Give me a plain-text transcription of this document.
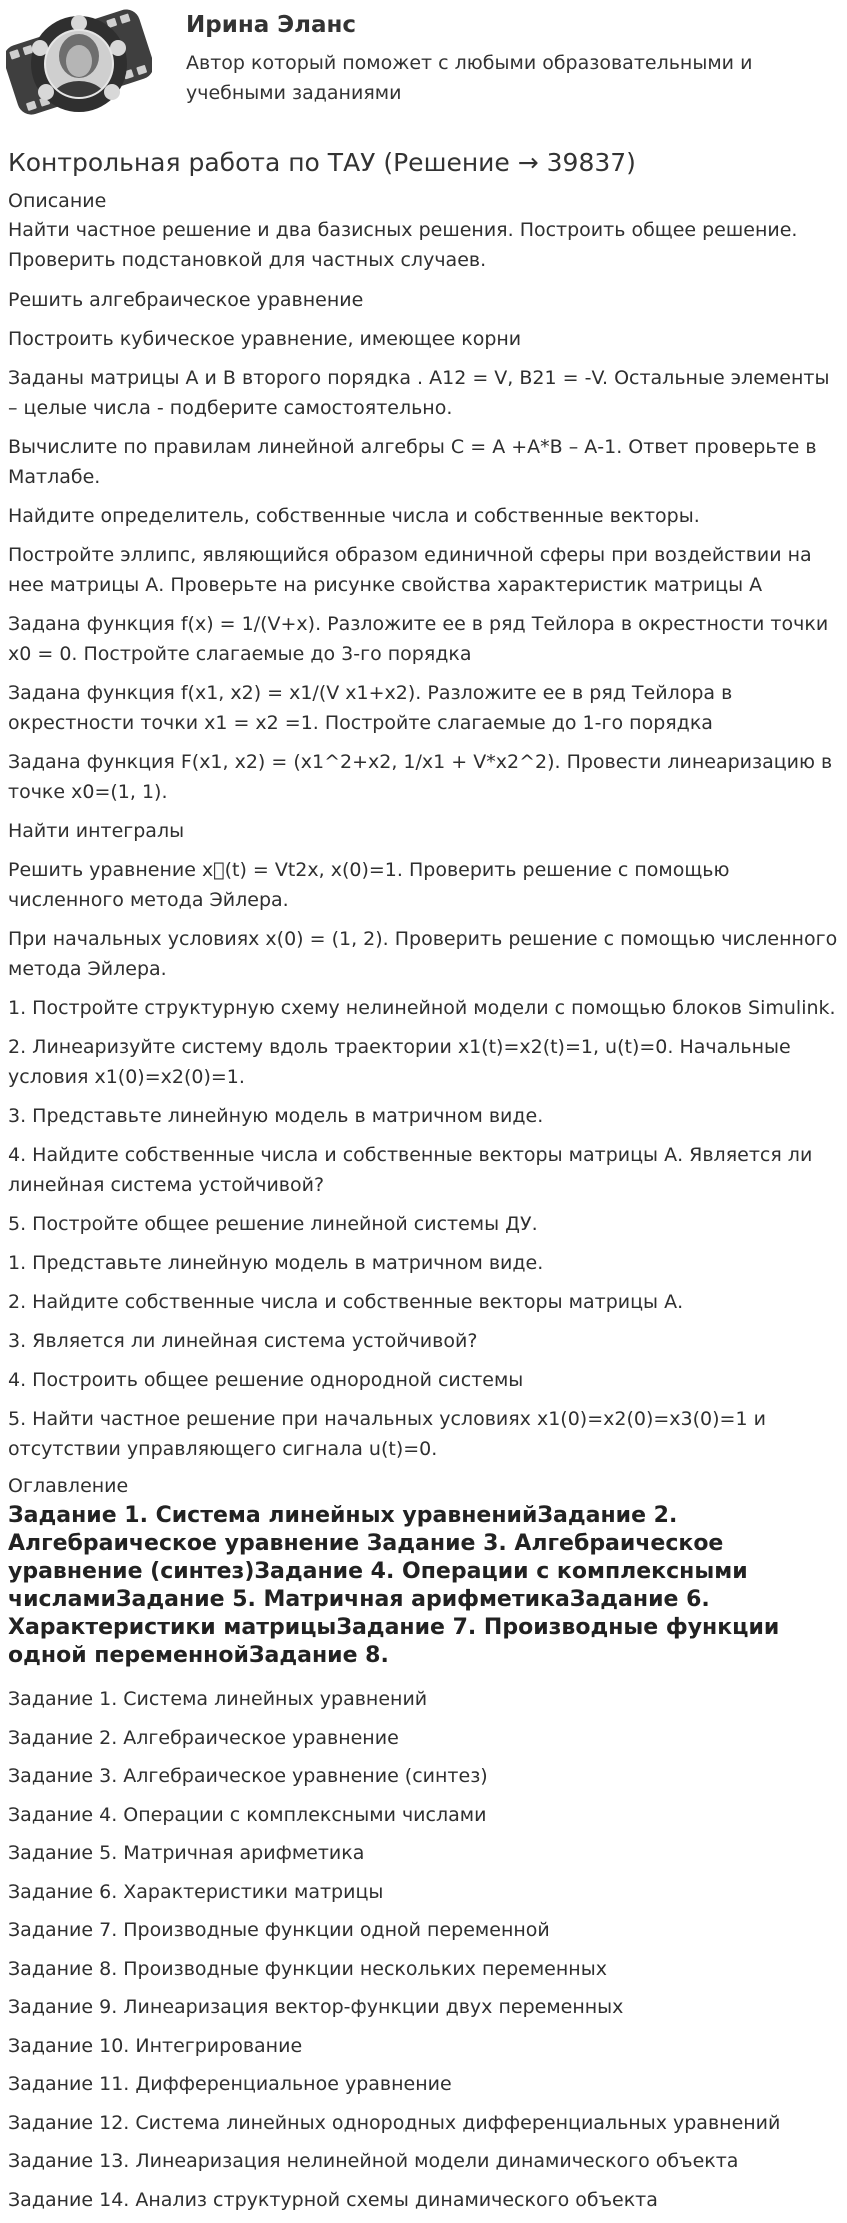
Ирина Эланс
Автор который поможет с любыми образовательными и учебными заданиями
Контрольная работа по ТАУ (Решение → 39837)
Описание
Найти частное решение и два базисных решения. Построить общее решение. Проверить подстановкой для частных случаев.

Решить алгебраическое уравнение

Построить кубическое уравнение, имеющее корни

Заданы матрицы А и В второго порядка . А12 = V, В21 = -V. Остальные элементы – целые числа - подберите самостоятельно.

Вычислите по правилам линейной алгебры С = А +А*В – А-1. Ответ проверьте в Матлабе.

Найдите определитель, собственные числа и собственные векторы.

Постройте эллипс, являющийся образом единичной сферы при воздействии на нее матрицы А. Проверьте на рисунке свойства характеристик матрицы А

Задана функция f(x) = 1/(V+x). Разложите ее в ряд Тейлора в окрестности точки x0 = 0. Постройте слагаемые до 3-го порядка

Задана функция f(x1, x2) = x1/(V x1+x2). Разложите ее в ряд Тейлора в окрестности точки x1 = x2 =1. Постройте слагаемые до 1-го порядка

Задана функция F(x1, x2) = (x1^2+x2, 1/x1 + V*x2^2). Провести линеаризацию в точке x0=(1, 1).

Найти интегралы

Решить уравнение x⃞(t) = Vt2x, x(0)=1. Проверить решение с помощью численного метода Эйлера.

При начальных условиях x(0) = (1, 2). Проверить решение с помощью численного метода Эйлера.

1. Постройте структурную схему нелинейной модели с помощью блоков Simulink.

2. Линеаризуйте систему вдоль траектории x1(t)=x2(t)=1, u(t)=0. Начальные условия x1(0)=x2(0)=1.

3. Представьте линейную модель в матричном виде.

4. Найдите собственные числа и собственные векторы матрицы А. Является ли линейная система устойчивой?

5. Постройте общее решение линейной системы ДУ.

1. Представьте линейную модель в матричном виде.

2. Найдите собственные числа и собственные векторы матрицы А.

3. Является ли линейная система устойчивой?

4. Построить общее решение однородной системы

5. Найти частное решение при начальных условиях x1(0)=x2(0)=x3(0)=1 и отсутствии управляющего сигнала u(t)=0.

Оглавление
Задание 1. Система линейных уравненийЗадание 2. Алгебраическое уравнение Задание 3. Алгебраическое уравнение (синтез)Задание 4. Операции с комплексными числамиЗадание 5. Матричная арифметикаЗадание 6. Характеристики матрицыЗадание 7. Производные функции одной переменнойЗадание 8.
Задание 1. Система линейных уравнений
Задание 2. Алгебраическое уравнение
Задание 3. Алгебраическое уравнение (синтез)
Задание 4. Операции с комплексными числами
Задание 5. Матричная арифметика
Задание 6. Характеристики матрицы
Задание 7. Производные функции одной переменной
Задание 8. Производные функции нескольких переменных
Задание 9. Линеаризация вектор-функции двух переменных
Задание 10. Интегрирование
Задание 11. Дифференциальное уравнение
Задание 12. Система линейных однородных дифференциальных уравнений
Задание 13. Линеаризация нелинейной модели динамического объекта
Задание 14. Анализ структурной схемы динамического объекта
